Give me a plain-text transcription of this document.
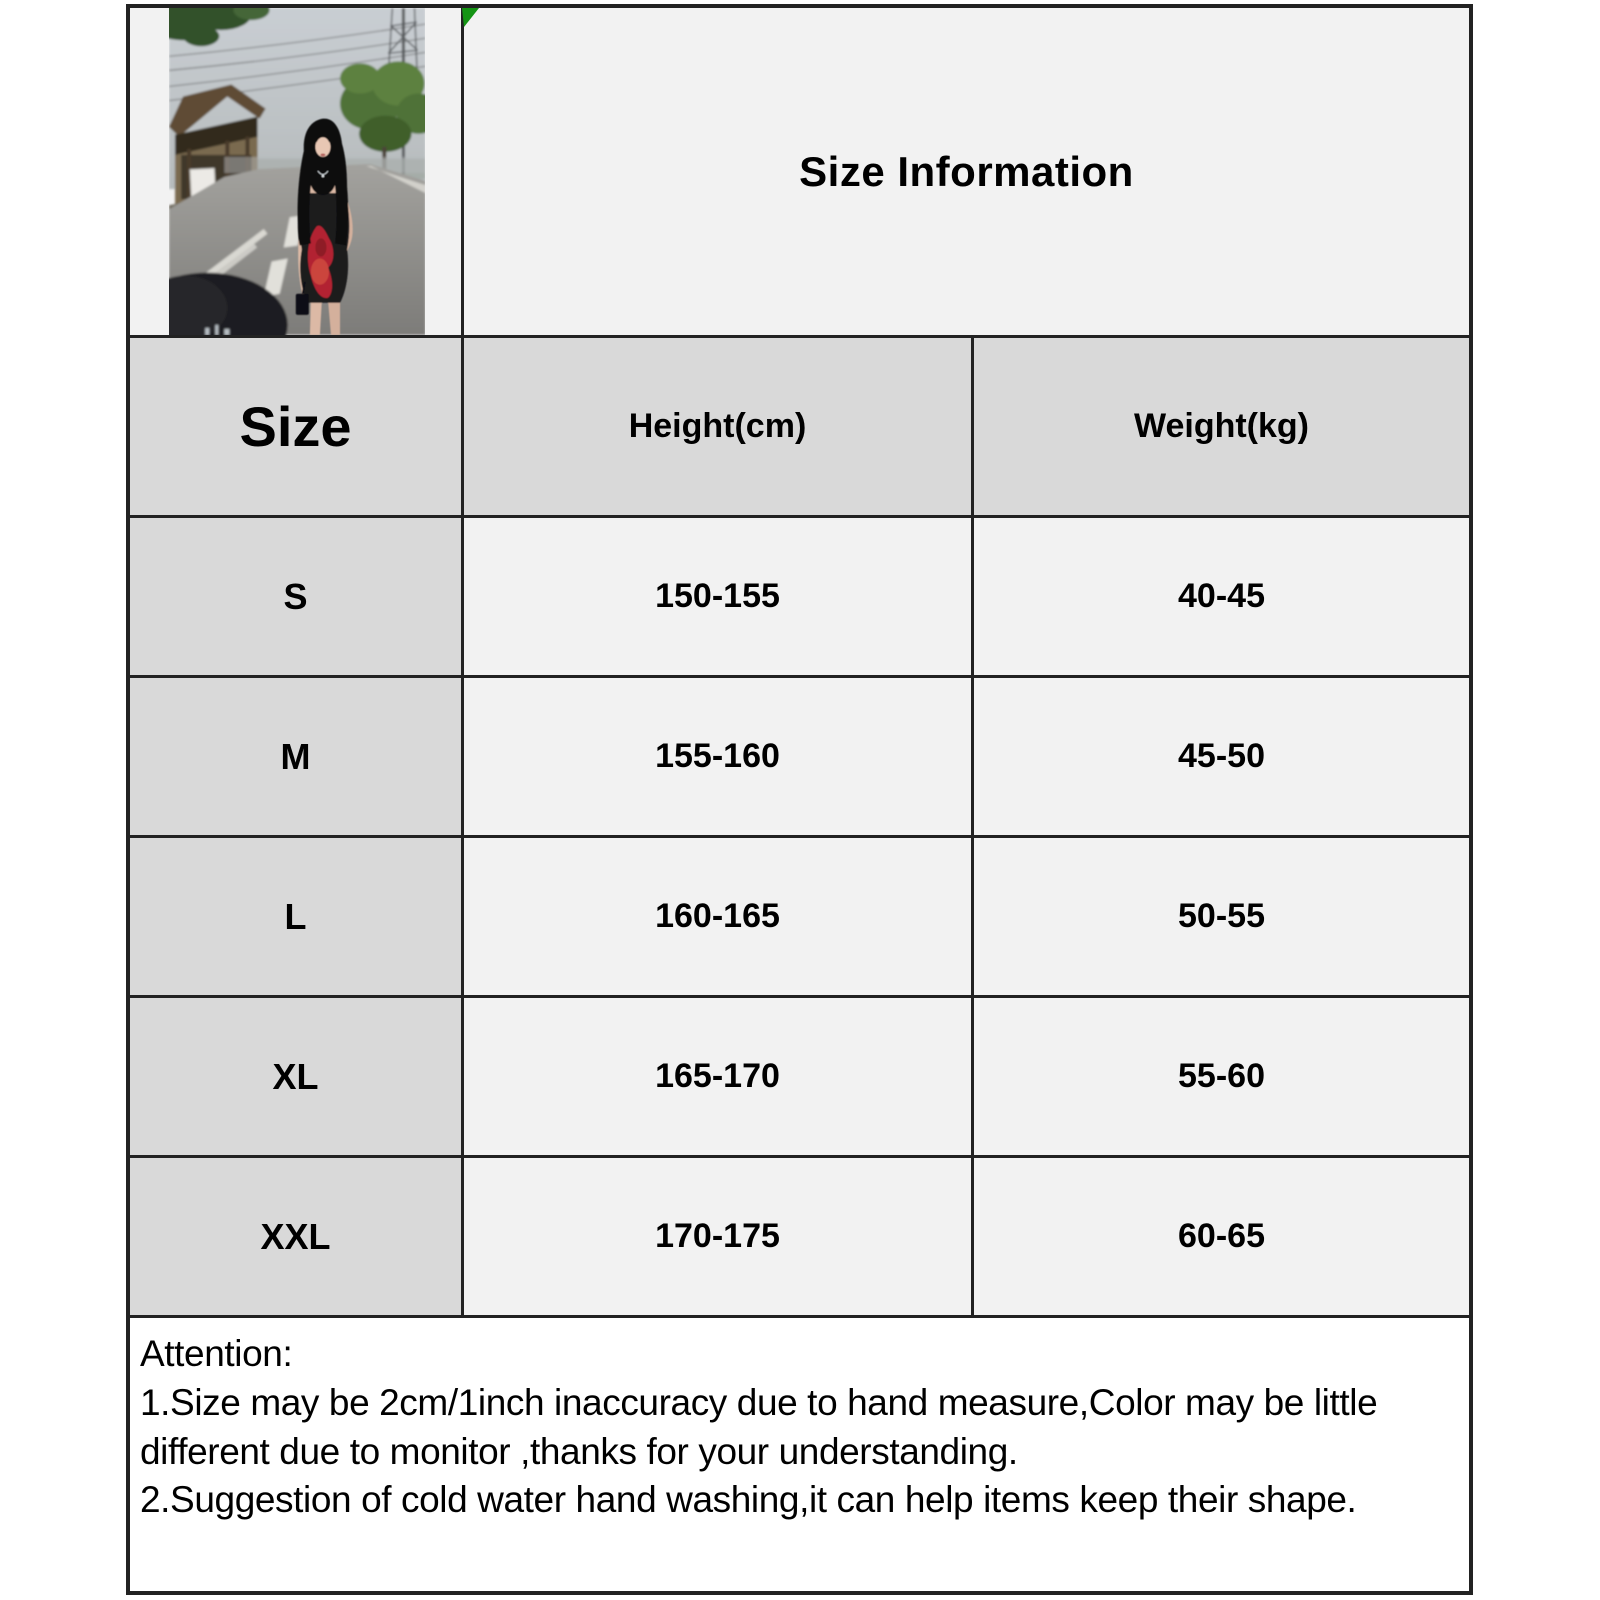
Size Information
Size	Height(cm)	Weight(kg)
S	150-155	40-45
M	155-160	45-50
L	160-165	50-55
XL	165-170	55-60
XXL	170-175	60-65

Attention:

1.Size may be 2cm/1inch inaccuracy due to hand measure,Color may be little different due to monitor ,thanks for your understanding.

2.Suggestion of cold water hand washing,it can help items keep their shape.
